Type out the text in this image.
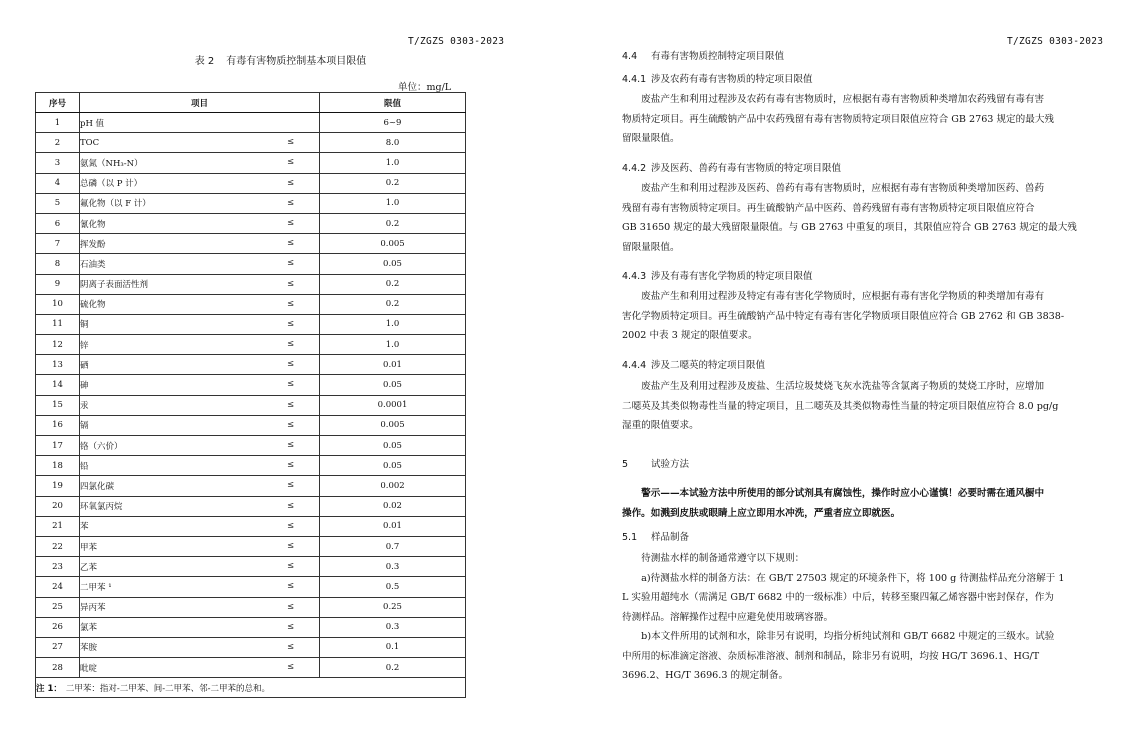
T/ZGZS 0303-2023
表 2 有毒有害物质控制基本项目限值
单位：mg/L
序号	项目	限值
1	pH 值	6~9
2	TOC ≤	8.0
3	氨氮（NH₃-N） ≤	1.0
4	总磷（以 P 计） ≤	0.2
5	氟化物（以 F 计） ≤	1.0
6	氰化物 ≤	0.2
7	挥发酚 ≤	0.005
8	石油类 ≤	0.05
9	阴离子表面活性剂 ≤	0.2
10	硫化物 ≤	0.2
11	铜 ≤	1.0
12	锌 ≤	1.0
13	硒 ≤	0.01
14	砷 ≤	0.05
15	汞 ≤	0.0001
16	镉 ≤	0.005
17	铬（六价） ≤	0.05
18	铅 ≤	0.05
19	四氯化碳 ≤	0.002
20	环氧氯丙烷 ≤	0.02
21	苯 ≤	0.01
22	甲苯 ≤	0.7
23	乙苯 ≤	0.3
24	二甲苯 ¹ ≤	0.5
25	异丙苯 ≤	0.25
26	氯苯 ≤	0.3
27	苯胺 ≤	0.1
28	吡啶 ≤	0.2
注 1： 二甲苯：指对-二甲苯、间-二甲苯、邻-二甲苯的总和。		
T/ZGZS 0303-2023
4.4 有毒有害物质控制特定项目限值
4.4.1 涉及农药有毒有害物质的特定项目限值
　　废盐产生和利用过程涉及农药有毒有害物质时，应根据有毒有害物质种类增加农药残留有毒有害
物质特定项目。再生硫酸钠产品中农药残留有毒有害物质特定项目限值应符合 GB 2763 规定的最大残
留限量限值。
4.4.2 涉及医药、兽药有毒有害物质的特定项目限值
　　废盐产生和利用过程涉及医药、兽药有毒有害物质时，应根据有毒有害物质种类增加医药、兽药
残留有毒有害物质特定项目。再生硫酸钠产品中医药、兽药残留有毒有害物质特定项目限值应符合
GB 31650 规定的最大残留限量限值。与 GB 2763 中重复的项目，其限值应符合 GB 2763 规定的最大残
留限量限值。
4.4.3 涉及有毒有害化学物质的特定项目限值
　　废盐产生和利用过程涉及特定有毒有害化学物质时，应根据有毒有害化学物质的种类增加有毒有
害化学物质特定项目。再生硫酸钠产品中特定有毒有害化学物质项目限值应符合 GB 2762 和 GB 3838-
2002 中表 3 规定的限值要求。
4.4.4 涉及二噁英的特定项目限值
　　废盐产生及利用过程涉及废盐、生活垃圾焚烧飞灰水洗盐等含氯离子物质的焚烧工序时，应增加
二噁英及其类似物毒性当量的特定项目，且二噁英及其类似物毒性当量的特定项目限值应符合 8.0 pg/g
湿重的限值要求。
5 试验方法
　　警示——本试验方法中所使用的部分试剂具有腐蚀性，操作时应小心谨慎！必要时需在通风橱中
操作。如溅到皮肤或眼睛上应立即用水冲洗，严重者应立即就医。
5.1 样品制备
　　待测盐水样的制备通常遵守以下规则：
　　a)待测盐水样的制备方法：在 GB/T 27503 规定的环境条件下，将 100 g 待测盐样品充分溶解于 1
L 实验用超纯水（需满足 GB/T 6682 中的一级标准）中后，转移至聚四氟乙烯容器中密封保存，作为
待测样品。溶解操作过程中应避免使用玻璃容器。
　　b)本文件所用的试剂和水，除非另有说明，均指分析纯试剂和 GB/T 6682 中规定的三级水。试验
中所用的标准滴定溶液、杂质标准溶液、制剂和制品，除非另有说明，均按 HG/T 3696.1、HG/T
3696.2、HG/T 3696.3 的规定制备。
